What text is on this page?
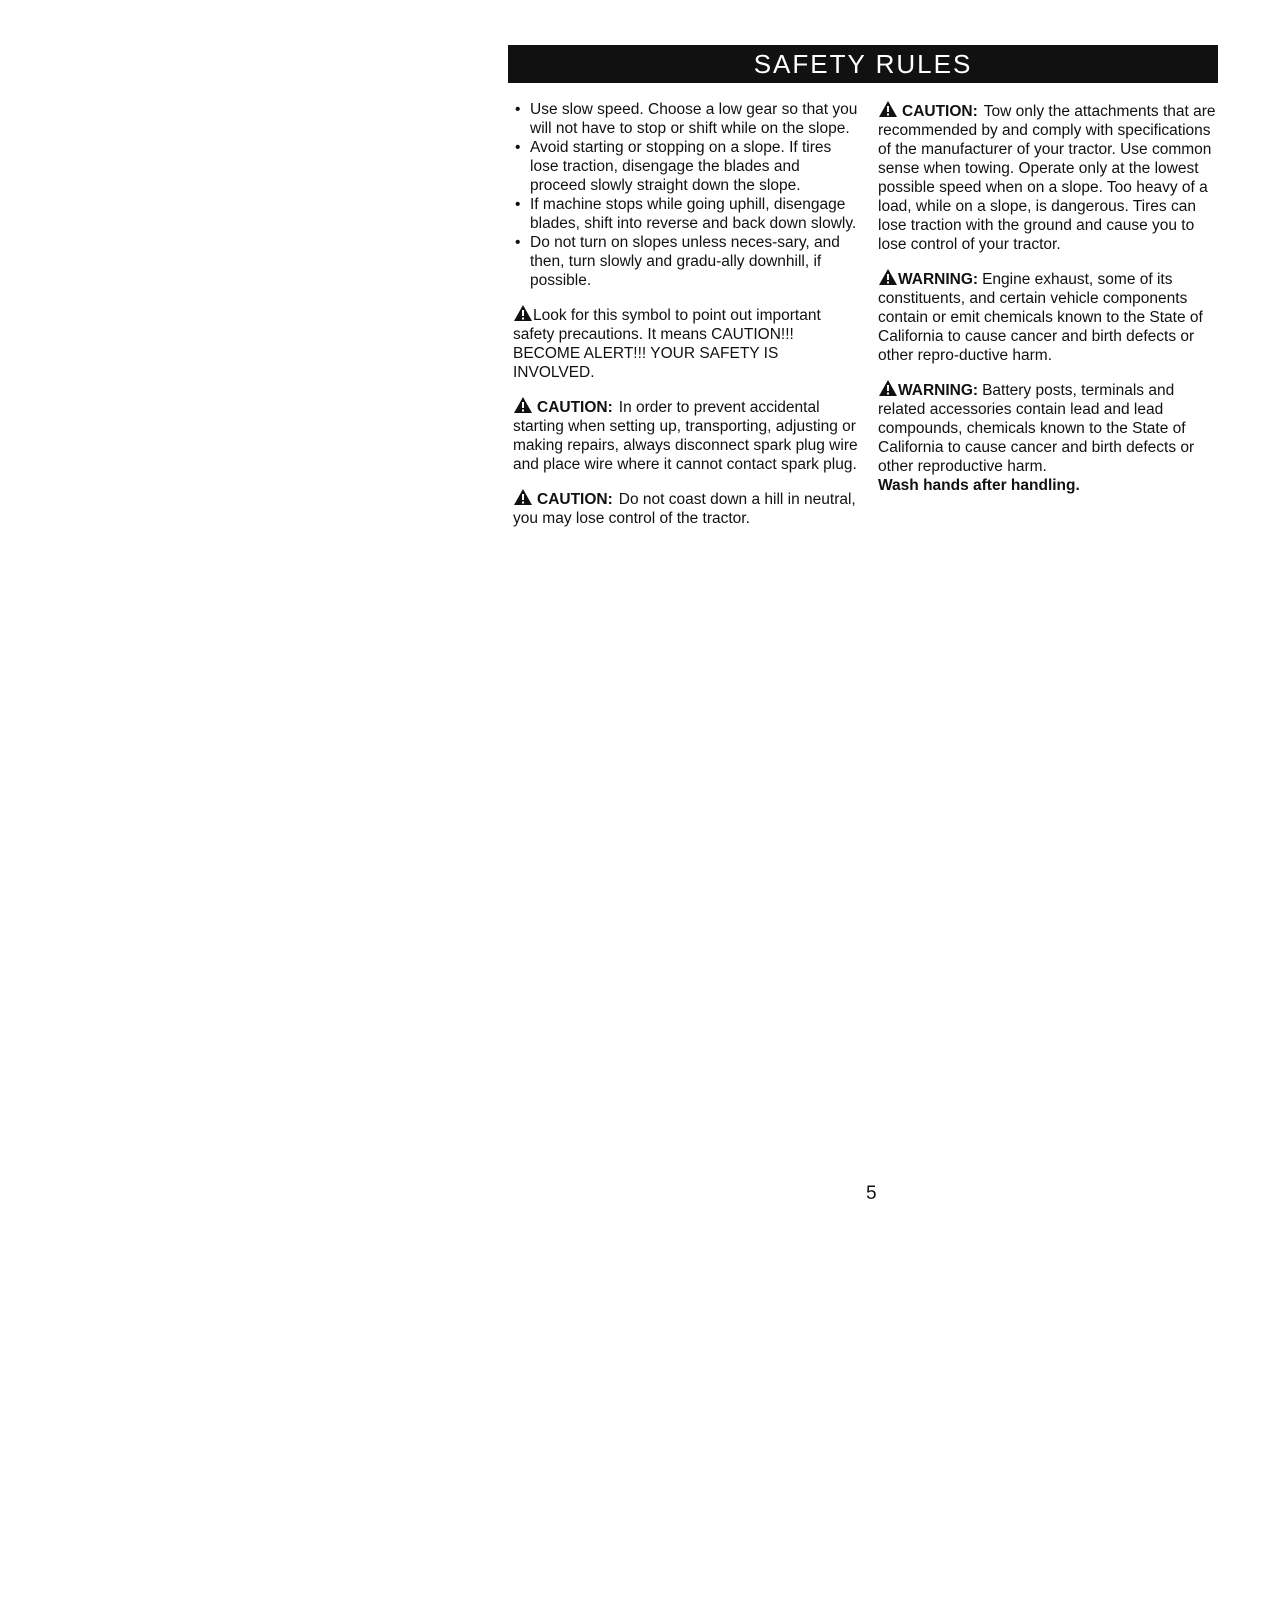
SAFETY RULES
• Use slow speed. Choose a low gear so that you will not have to stop or shift while on the slope.
• Avoid starting or stopping on a slope. If tires lose traction, disengage the blades and proceed slowly straight down the slope.
• If machine stops while going uphill, disengage blades, shift into reverse and back down slowly.
• Do not turn on slopes unless neces-sary, and then, turn slowly and gradu-ally downhill, if possible.

Look for this symbol to point out important safety precautions. It means CAUTION!!! BECOME ALERT!!! YOUR SAFETY IS INVOLVED.

CAUTION: In order to prevent accidental starting when setting up, transporting, adjusting or making repairs, always disconnect spark plug wire and place wire where it cannot contact spark plug.

CAUTION: Do not coast down a hill in neutral, you may lose control of the tractor.

CAUTION: Tow only the attachments that are recommended by and comply with specifications of the manufacturer of your tractor. Use common sense when towing. Operate only at the lowest possible speed when on a slope. Too heavy of a load, while on a slope, is dangerous. Tires can lose traction with the ground and cause you to lose control of your tractor.

WARNING: Engine exhaust, some of its constituents, and certain vehicle components contain or emit chemicals known to the State of California to cause cancer and birth defects or other repro-ductive harm.

WARNING: Battery posts, terminals and related accessories contain lead and lead compounds, chemicals known to the State of California to cause cancer and birth defects or other reproductive harm.
Wash hands after handling.

5
